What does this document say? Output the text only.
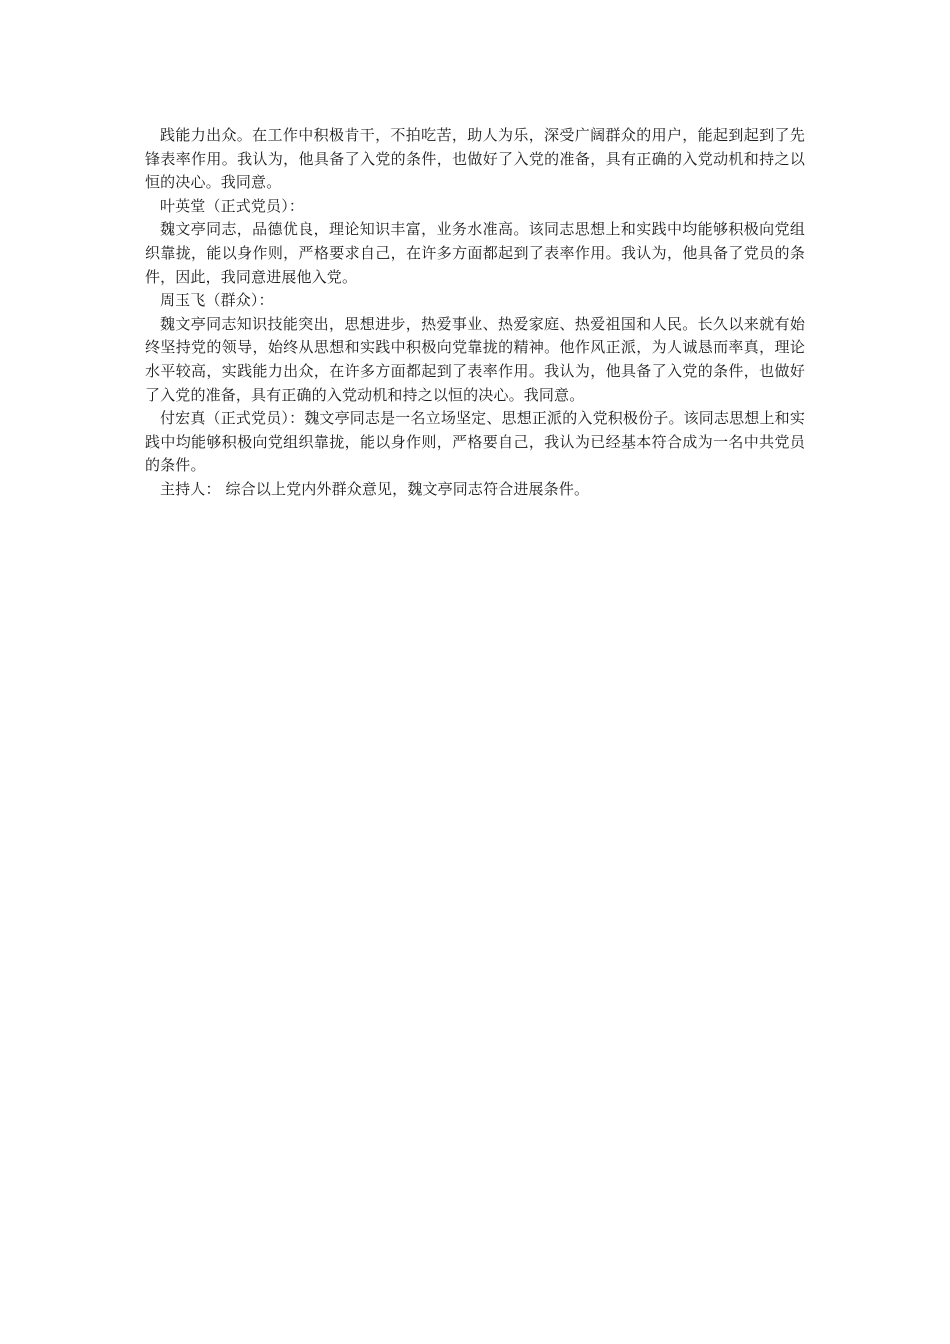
践能力出众。在工作中积极肯干，不拍吃苦，助人为乐，深受广阔群众的用户，能起到起到了先锋表率作用。我认为，他具备了入党的条件，也做好了入党的准备，具有正确的入党动机和持之以恒的决心。我同意。

叶英堂（正式党员）：

魏文亭同志，品德优良，理论知识丰富，业务水准高。该同志思想上和实践中均能够积极向党组织靠拢，能以身作则，严格要求自己，在许多方面都起到了表率作用。我认为，他具备了党员的条件，因此，我同意进展他入党。

周玉飞（群众）：

魏文亭同志知识技能突出，思想进步，热爱事业、热爱家庭、热爱祖国和人民。长久以来就有始终坚持党的领导，始终从思想和实践中积极向党靠拢的精神。他作风正派，为人诚恳而率真，理论水平较高，实践能力出众，在许多方面都起到了表率作用。我认为，他具备了入党的条件，也做好了入党的准备，具有正确的入党动机和持之以恒的决心。我同意。

付宏真（正式党员）：魏文亭同志是一名立场坚定、思想正派的入党积极份子。该同志思想上和实践中均能够积极向党组织靠拢，能以身作则，严格要自己，我认为已经基本符合成为一名中共党员的条件。

主持人： 综合以上党内外群众意见，魏文亭同志符合进展条件。
